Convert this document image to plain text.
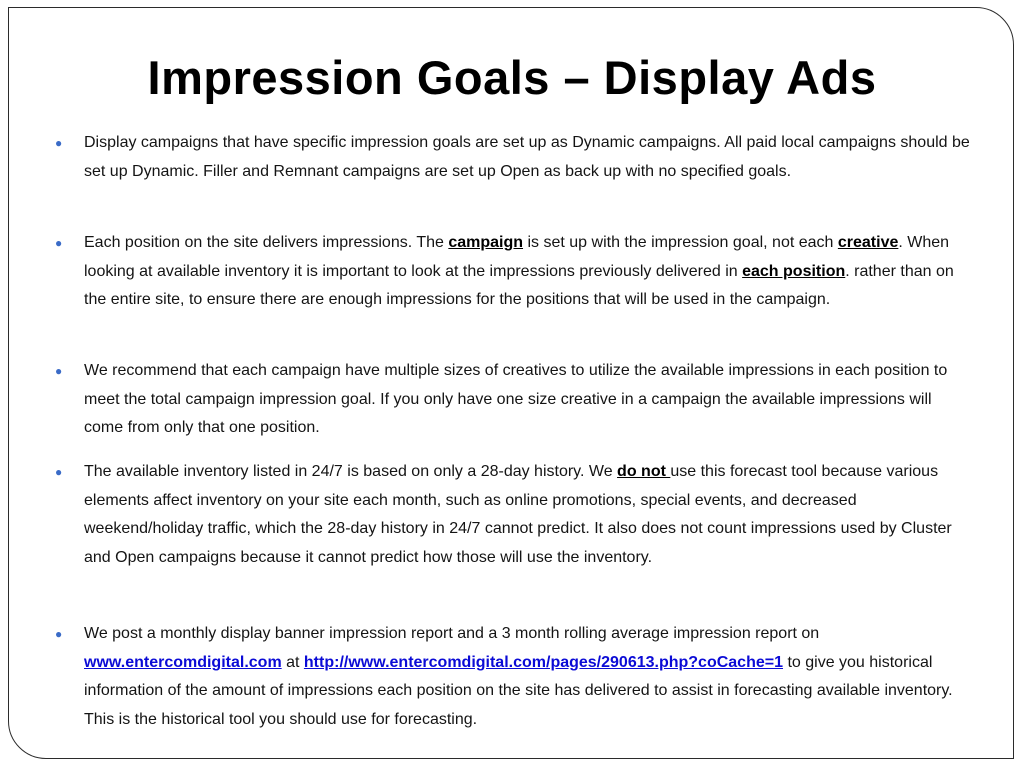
Impression Goals – Display Ads

● Display campaigns that have specific impression goals are set up as Dynamic campaigns. All paid local campaigns should be set up Dynamic. Filler and Remnant campaigns are set up Open as back up with no specified goals.

● Each position on the site delivers impressions. The campaign is set up with the impression goal, not each creative. When looking at available inventory it is important to look at the impressions previously delivered in each position. rather than on the entire site, to ensure there are enough impressions for the positions that will be used in the campaign.

● We recommend that each campaign have multiple sizes of creatives to utilize the available impressions in each position to meet the total campaign impression goal. If you only have one size creative in a campaign the available impressions will come from only that one position.

● The available inventory listed in 24/7 is based on only a 28-day history. We do not use this forecast tool because various elements affect inventory on your site each month, such as online promotions, special events, and decreased weekend/holiday traffic, which the 28-day history in 24/7 cannot predict. It also does not count impressions used by Cluster and Open campaigns because it cannot predict how those will use the inventory.

● We post a monthly display banner impression report and a 3 month rolling average impression report on www.entercomdigital.com at http://www.entercomdigital.com/pages/290613.php?coCache=1 to give you historical information of the amount of impressions each position on the site has delivered to assist in forecasting available inventory. This is the historical tool you should use for forecasting.
